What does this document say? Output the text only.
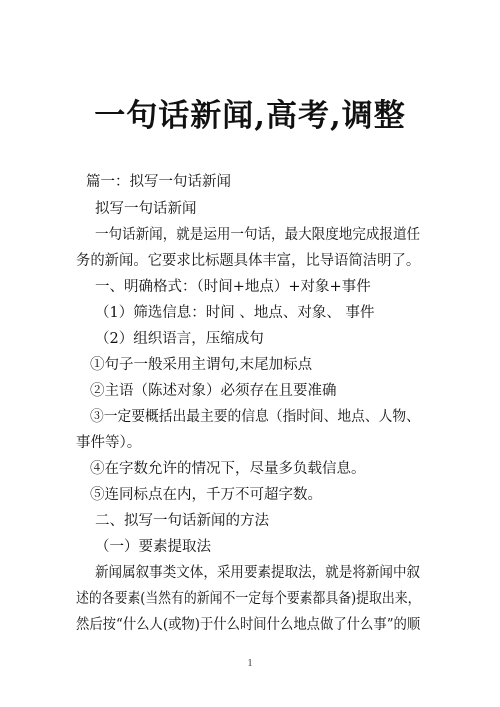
一句话新闻,高考,调整
篇一：拟写一句话新闻
拟写一句话新闻
一句话新闻，就是运用一句话，最大限度地完成报道任
务的新闻。它要求比标题具体丰富，比导语简洁明了。
一、明确格式：（时间+地点）+对象+事件
（1）筛选信息：时间 、地点、对象、 事件
（2）组织语言，压缩成句
①句子一般采用主谓句,末尾加标点
②主语（陈述对象）必须存在且要准确
③一定要概括出最主要的信息（指时间、地点、人物、
事件等）。
④在字数允许的情况下，尽量多负载信息。
⑤连同标点在内，千万不可超字数。
二、拟写一句话新闻的方法
（一）要素提取法
新闻属叙事类文体，采用要素提取法，就是将新闻中叙
述的各要素(当然有的新闻不一定每个要素都具备)提取出来，
然后按“什么人(或物)于什么时间什么地点做了什么事”的顺
1
